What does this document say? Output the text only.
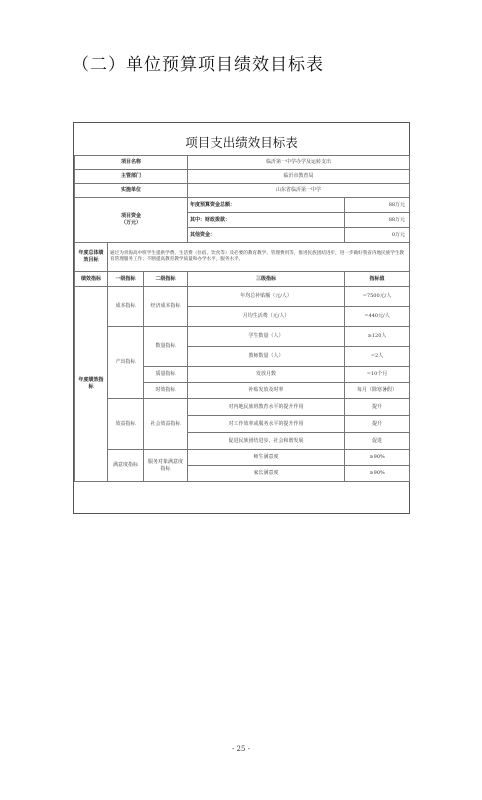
（二）单位预算项目绩效目标表
项目支出绩效目标表
项目名称			临沂第一中学办学及运转支出	
主管部门			临沂市教育局	
实施单位			山东省临沂第一中学	

项目资金
（万元）			年度预算资金总额：	88万元
			其中：财政拨款：	88万元
			其他资金：	0万元
年度总体绩效目标	通过为青海高中班学生提供学费、生活费（住宿、饮食等）及必要的教育教学、管理费用等，推进民族团结进步，进一步做好我省内地民族学生教育管理服务工作；不断提高教育教学质量和办学水平，服务水平。			
绩效指标	一级指标	二级指标	三级指标	指标值
年度绩效指标	成本指标	经济成本指标	年均总补贴额（元/人）	=7500元/人
			月均生活费（元/人）	=440元/人
	产出指标	数量指标	学生数量（人）	≥120人
			教师数量（人）	=2人
		质量指标	发放月数	=10个月
		时效指标	补贴发放及时率	每月（除寒暑假）
	效益指标	社会效益指标	对内地民族班教育水平的提升作用	提升
			对工作效率或服务水平的提升作用	提升
			促进民族团结进步、社会和谐发展	促进
	满意度指标	服务对象满意度指标	师生满意度	≥90%
			家长满意度	≥90%
- 25 -
